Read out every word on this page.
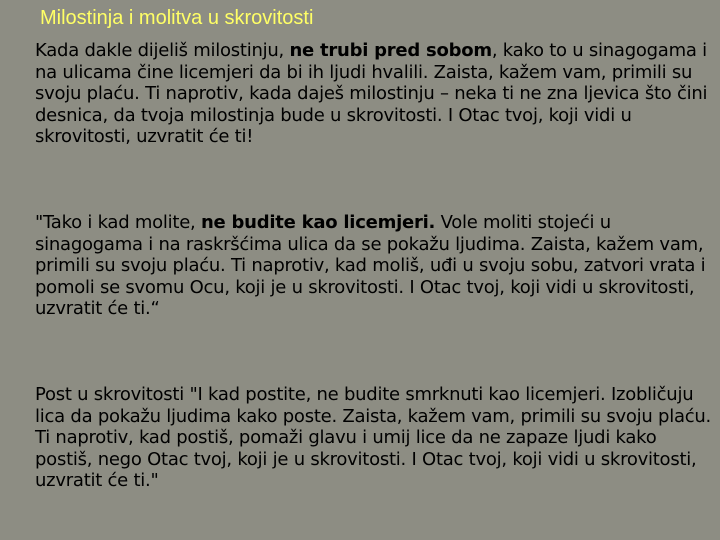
Milostinja i molitva u skrovitosti

Kada dakle dijeliš milostinju, ne trubi pred sobom, kako to u sinagogama i na ulicama čine licemjeri da bi ih ljudi hvalili. Zaista, kažem vam, primili su svoju plaću. Ti naprotiv, kada daješ milostinju – neka ti ne zna ljevica što čini desnica, da tvoja milostinja bude u skrovitosti. I Otac tvoj, koji vidi u skrovitosti, uzvratit će ti!

"Tako i kad molite, ne budite kao licemjeri. Vole moliti stojeći u sinagogama i na raskršćima ulica da se pokažu ljudima. Zaista, kažem vam, primili su svoju plaću. Ti naprotiv, kad moliš, uđi u svoju sobu, zatvori vrata i pomoli se svomu Ocu, koji je u skrovitosti. I Otac tvoj, koji vidi u skrovitosti, uzvratit će ti.“

Post u skrovitosti "I kad postite, ne budite smrknuti kao licemjeri. Izobličuju lica da pokažu ljudima kako poste. Zaista, kažem vam, primili su svoju plaću. Ti naprotiv, kad postiš, pomaži glavu i umij lice da ne zapaze ljudi kako postiš, nego Otac tvoj, koji je u skrovitosti. I Otac tvoj, koji vidi u skrovitosti, uzvratit će ti."
